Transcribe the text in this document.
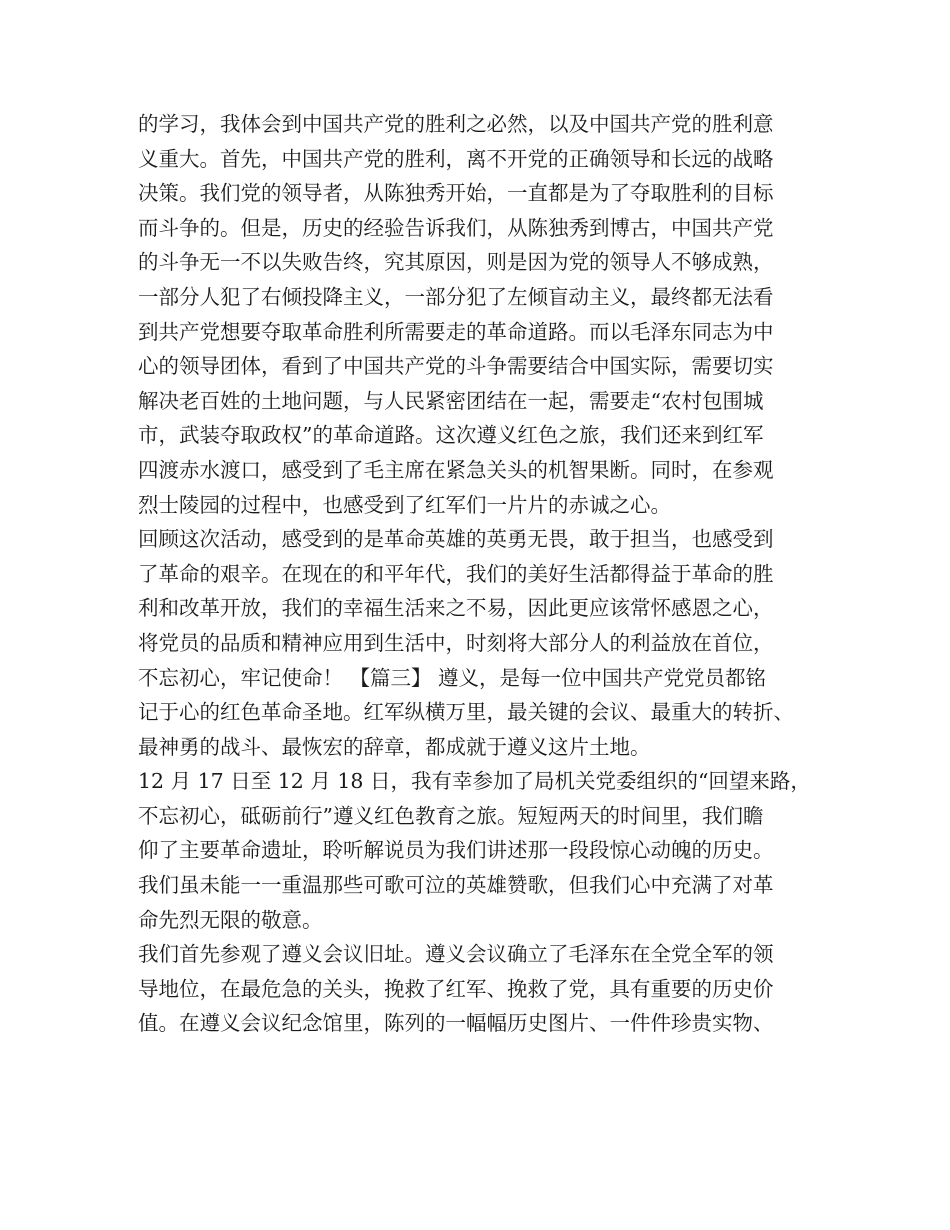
的学习，我体会到中国共产党的胜利之必然，以及中国共产党的胜利意
义重大。首先，中国共产党的胜利，离不开党的正确领导和长远的战略
决策。我们党的领导者，从陈独秀开始，一直都是为了夺取胜利的目标
而斗争的。但是，历史的经验告诉我们，从陈独秀到博古，中国共产党
的斗争无一不以失败告终，究其原因，则是因为党的领导人不够成熟，
一部分人犯了右倾投降主义，一部分犯了左倾盲动主义，最终都无法看
到共产党想要夺取革命胜利所需要走的革命道路。而以毛泽东同志为中
心的领导团体，看到了中国共产党的斗争需要结合中国实际，需要切实
解决老百姓的土地问题，与人民紧密团结在一起，需要走“农村包围城
市，武装夺取政权”的革命道路。这次遵义红色之旅，我们还来到红军
四渡赤水渡口，感受到了毛主席在紧急关头的机智果断。同时，在参观
烈士陵园的过程中，也感受到了红军们一片片的赤诚之心。
回顾这次活动，感受到的是革命英雄的英勇无畏，敢于担当，也感受到
了革命的艰辛。在现在的和平年代，我们的美好生活都得益于革命的胜
利和改革开放，我们的幸福生活来之不易，因此更应该常怀感恩之心，
将党员的品质和精神应用到生活中，时刻将大部分人的利益放在首位，
不忘初心，牢记使命！ 【篇三】 遵义，是每一位中国共产党党员都铭
记于心的红色革命圣地。红军纵横万里，最关键的会议、最重大的转折、
最神勇的战斗、最恢宏的辞章，都成就于遵义这片土地。
12 月 17 日至 12 月 18 日，我有幸参加了局机关党委组织的“回望来路，
不忘初心，砥砺前行”遵义红色教育之旅。短短两天的时间里，我们瞻
仰了主要革命遗址，聆听解说员为我们讲述那一段段惊心动魄的历史。
我们虽未能一一重温那些可歌可泣的英雄赞歌，但我们心中充满了对革
命先烈无限的敬意。
我们首先参观了遵义会议旧址。遵义会议确立了毛泽东在全党全军的领
导地位，在最危急的关头，挽救了红军、挽救了党，具有重要的历史价
值。在遵义会议纪念馆里，陈列的一幅幅历史图片、一件件珍贵实物、
